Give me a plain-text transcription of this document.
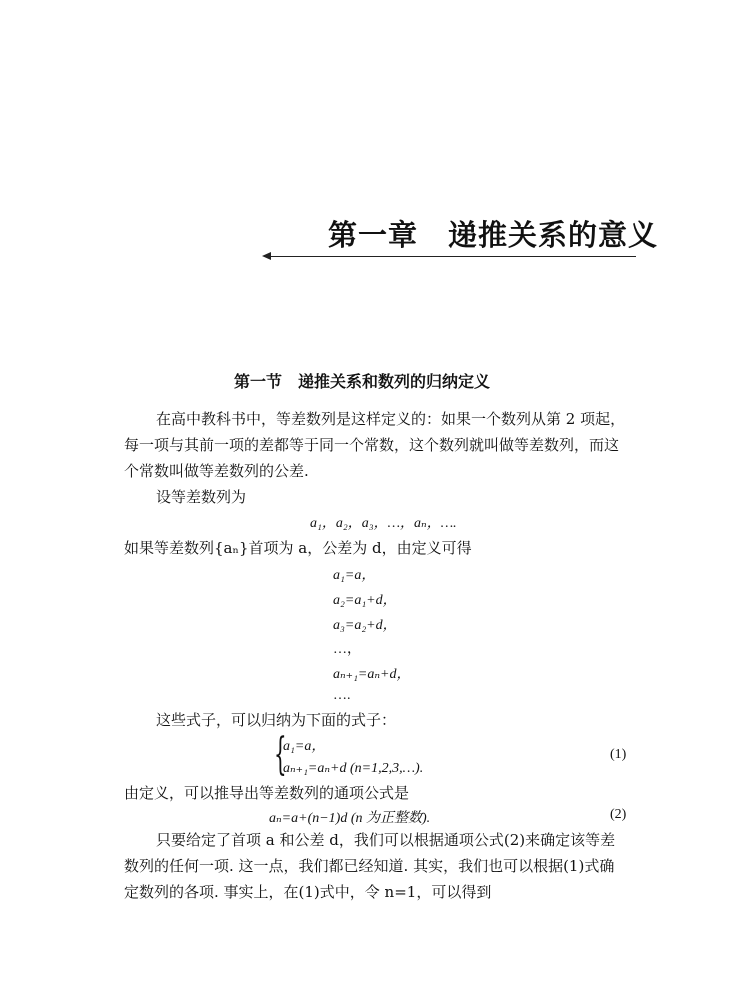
第一章　递推关系的意义
第一节　递推关系和数列的归纳定义
在高中教科书中，等差数列是这样定义的：如果一个数列从第 2 项起，
每一项与其前一项的差都等于同一个常数，这个数列就叫做等差数列，而这
个常数叫做等差数列的公差.
设等差数列为
a₁，a₂，a₃，…，aₙ，….
如果等差数列{aₙ}首项为 a，公差为 d，由定义可得
a₁=a，
a₂=a₁+d，
a₃=a₂+d，
…，
aₙ₊₁=aₙ+d，
….
这些式子，可以归纳为下面的式子：
{
a₁=a，
aₙ₊₁=aₙ+d (n=1,2,3,…).
(1)
由定义，可以推导出等差数列的通项公式是
aₙ=a+(n−1)d (n 为正整数).	(2)
只要给定了首项 a 和公差 d，我们可以根据通项公式(2)来确定该等差
数列的任何一项. 这一点，我们都已经知道. 其实，我们也可以根据(1)式确
定数列的各项. 事实上，在(1)式中，令 n=1，可以得到
